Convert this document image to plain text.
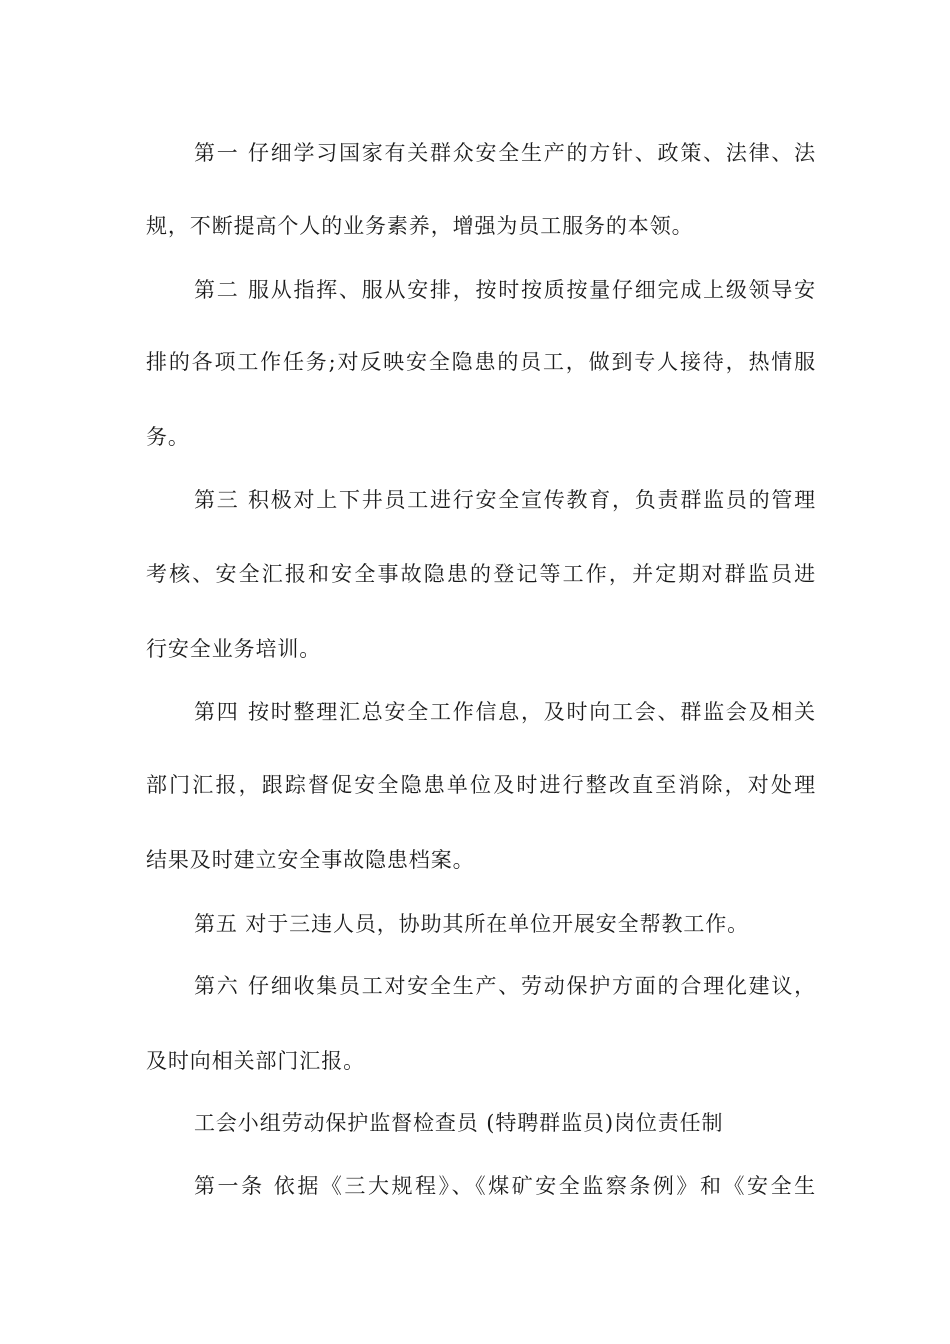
第一 仔细学习国家有关群众安全生产的方针、政策、法律、法
规，不断提高个人的业务素养，增强为员工服务的本领。
第二 服从指挥、服从安排，按时按质按量仔细完成上级领导安
排的各项工作任务;对反映安全隐患的员工，做到专人接待，热情服
务。
第三 积极对上下井员工进行安全宣传教育，负责群监员的管理
考核、安全汇报和安全事故隐患的登记等工作，并定期对群监员进
行安全业务培训。
第四 按时整理汇总安全工作信息，及时向工会、群监会及相关
部门汇报，跟踪督促安全隐患单位及时进行整改直至消除，对处理
结果及时建立安全事故隐患档案。
第五 对于三违人员，协助其所在单位开展安全帮教工作。
第六 仔细收集员工对安全生产、劳动保护方面的合理化建议，
及时向相关部门汇报。
工会小组劳动保护监督检查员 (特聘群监员)岗位责任制
第一条 依据《三大规程》、《煤矿安全监察条例》和《安全生
